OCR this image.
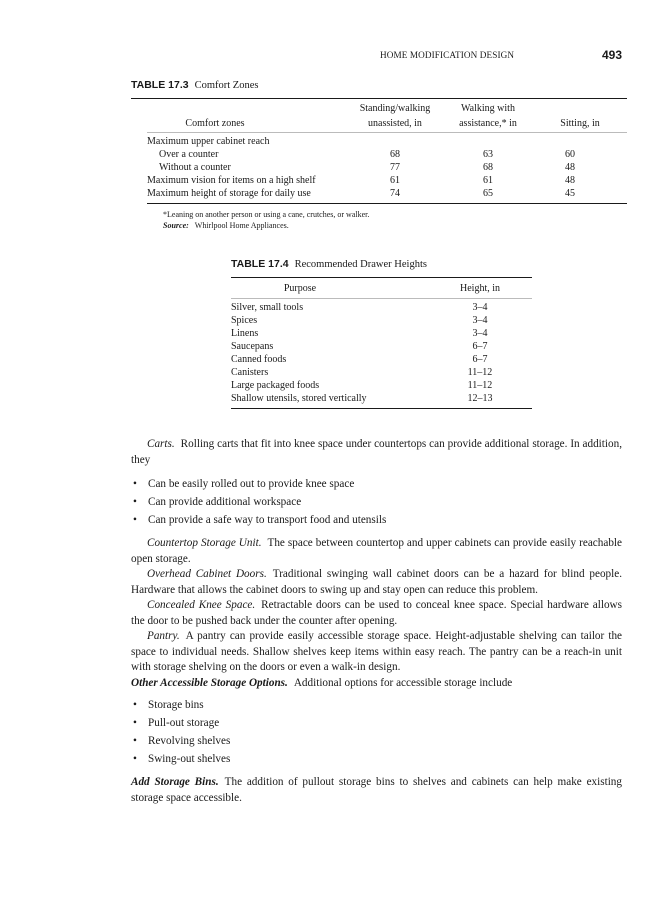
HOME MODIFICATION DESIGN	493
TABLE 17.3 Comfort Zones
Standing/walking	Walking with
Comfort zones	unassisted, in	assistance,* in	Sitting, in
Maximum upper cabinet reach
Over a counter	68	63	60
Without a counter	77	68	48
Maximum vision for items on a high shelf	61	61	48
Maximum height of storage for daily use	74	65	45
*Leaning on another person or using a cane, crutches, or walker.
Source: Whirlpool Home Appliances.
TABLE 17.4 Recommended Drawer Heights
Purpose	Height, in
Silver, small tools	3–4
Spices	3–4
Linens	3–4
Saucepans	6–7
Canned foods	6–7
Canisters	11–12
Large packaged foods	11–12
Shallow utensils, stored vertically	12–13
Carts. Rolling carts that fit into knee space under countertops can provide additional storage. In addition, they
• Can be easily rolled out to provide knee space
• Can provide additional workspace
• Can provide a safe way to transport food and utensils
Countertop Storage Unit. The space between countertop and upper cabinets can provide easily reachable open storage.
Overhead Cabinet Doors. Traditional swinging wall cabinet doors can be a hazard for blind people. Hardware that allows the cabinet doors to swing up and stay open can reduce this problem.
Concealed Knee Space. Retractable doors can be used to conceal knee space. Special hardware allows the door to be pushed back under the counter after opening.
Pantry. A pantry can provide easily accessible storage space. Height-adjustable shelving can tailor the space to individual needs. Shallow shelves keep items within easy reach. The pantry can be a reach-in unit with storage shelving on the doors or even a walk-in design.
Other Accessible Storage Options. Additional options for accessible storage include
• Storage bins
• Pull-out storage
• Revolving shelves
• Swing-out shelves
Add Storage Bins. The addition of pullout storage bins to shelves and cabinets can help make existing storage space accessible.
